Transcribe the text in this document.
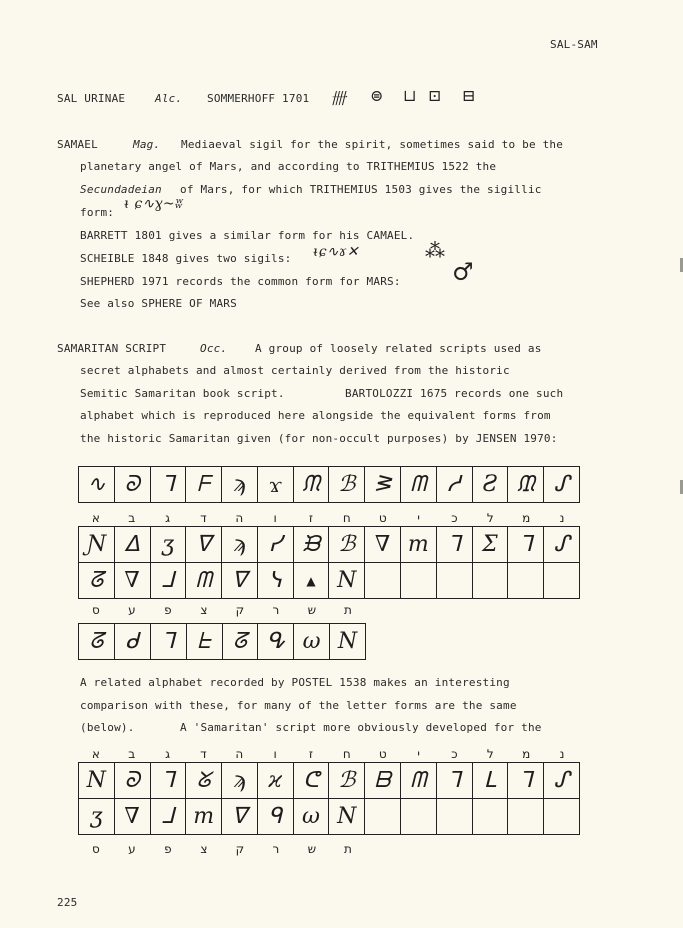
SAL-SAM
SAL URINAE	Alc. SOMMERHOFF 1701 卌 ⊜ ⊔ ⊡ ⊟
SAMAEL	Mag. Mediaeval sigil for the spirit, sometimes said to be the
planetary angel of Mars, and according to TRITHEMIUS 1522 the
Secundadeian of Mars, for which TRITHEMIUS 1503 gives the sigillic
form:
ᵼ ɕ∿ɣ~ʬ
BARRETT 1801 gives a similar form for his CAMAEL.
SCHEIBLE 1848 gives two sigils: ᵼɕ∿ɤ✕	⁂
SHEPHERD 1971 records the common form for MARS: ♂
See also SPHERE OF MARS
SAMARITAN SCRIPT	Occ.	A group of loosely related scripts used as
secret alphabets and almost certainly derived from the historic
Semitic Samaritan book script.	BARTOLOZZI 1675 records one such
alphabet which is reproduced here alongside the equivalent forms from
the historic Samaritan given (for non-occult purposes) by JENSEN 1970:
∿	ᘐ	ᒣ	ᖴ	ϡ	ϫ	ᙏ	ℬ	ᕒ	ᗰ	ᓱ	Ꙅ	ᙢ	ᔑ
א	ב	ג	ד	ה	ו	ז	ח	ט	י	כ	ל	מ	נ
Ɲ	ᐃ	ʒ	ᐁ	ϡ	ᓯ	ᙖ	ℬ	∇	m	ᒣ	Σ	ᒣ	ᔑ
ᘔ	∇	ᒧ	ᗰ	ᐁ	ᓭ	▲	N						
ס	ע	פ	צ	ק	ר	ש	ת
ᘔ	ᑯ	ᒣ	ᖶ	ᘔ	ᕴ	ω	N
A related alphabet recorded by POSTEL 1538 makes an interesting
comparison with these, for many of the letter forms are the same
(below).	A 'Samaritan' script more obviously developed for the
א	ב	ג	ד	ה	ו	ז	ח	ט	י	כ	ל	מ	נ
Ν	ᘐ	ᒣ	ᘜ	ϡ	ϰ	ᕦ	ℬ	ᗷ	ᗰ	ᒣ	ᒪ	ᒣ	ᔑ
ʒ	∇	ᒧ	m	ᐁ	ᑫ	ω	N						
ס	ע	פ	צ	ק	ר	ש	ת
225
